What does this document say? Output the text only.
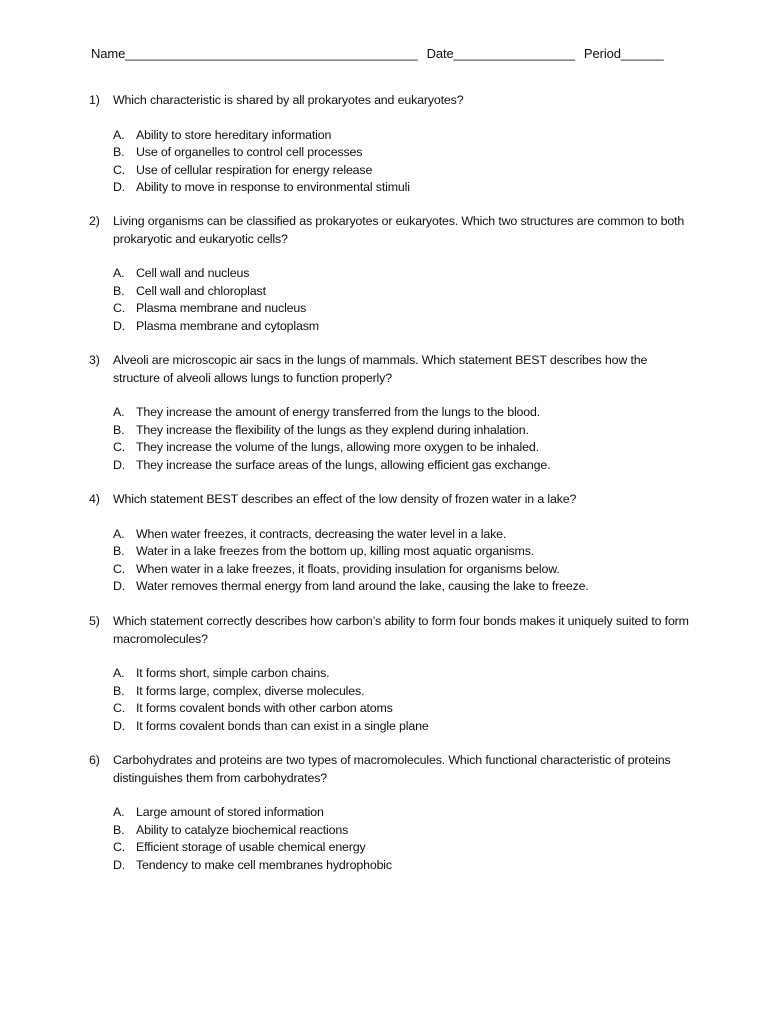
Name_________________________________________ Date_________________ Period______
1)	Which characteristic is shared by all prokaryotes and eukaryotes?
A. Ability to store hereditary information
B. Use of organelles to control cell processes
C. Use of cellular respiration for energy release
D. Ability to move in response to environmental stimuli
2)	Living organisms can be classified as prokaryotes or eukaryotes. Which two structures are common to both prokaryotic and eukaryotic cells?
A. Cell wall and nucleus
B. Cell wall and chloroplast
C. Plasma membrane and nucleus
D. Plasma membrane and cytoplasm
3)	Alveoli are microscopic air sacs in the lungs of mammals. Which statement BEST describes how the structure of alveoli allows lungs to function properly?
A. They increase the amount of energy transferred from the lungs to the blood.
B. They increase the flexibility of the lungs as they explend during inhalation.
C. They increase the volume of the lungs, allowing more oxygen to be inhaled.
D. They increase the surface areas of the lungs, allowing efficient gas exchange.
4)	Which statement BEST describes an effect of the low density of frozen water in a lake?
A. When water freezes, it contracts, decreasing the water level in a lake.
B. Water in a lake freezes from the bottom up, killing most aquatic organisms.
C. When water in a lake freezes, it floats, providing insulation for organisms below.
D. Water removes thermal energy from land around the lake, causing the lake to freeze.
5)	Which statement correctly describes how carbon’s ability to form four bonds makes it uniquely suited to form macromolecules?
A. It forms short, simple carbon chains.
B. It forms large, complex, diverse molecules.
C. It forms covalent bonds with other carbon atoms
D. It forms covalent bonds than can exist in a single plane
6)	Carbohydrates and proteins are two types of macromolecules. Which functional characteristic of proteins distinguishes them from carbohydrates?
A. Large amount of stored information
B. Ability to catalyze biochemical reactions
C. Efficient storage of usable chemical energy
D. Tendency to make cell membranes hydrophobic
